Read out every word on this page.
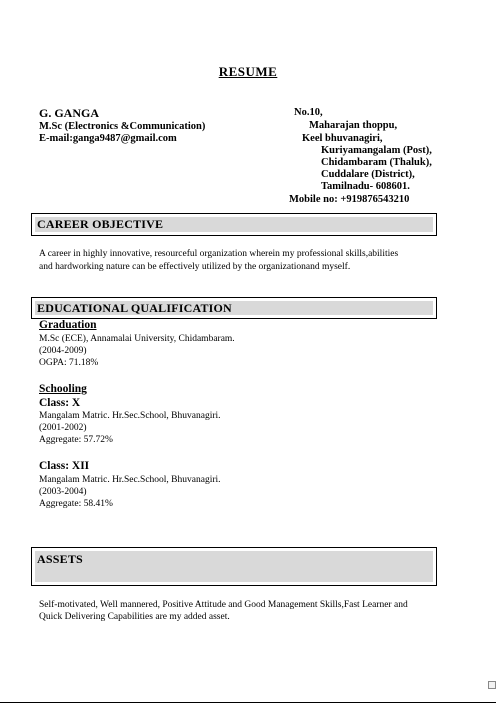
RESUME
G. GANGA
M.Sc (Electronics &Communication)
E-mail:ganga9487@gmail.com
No.10,
Maharajan thoppu,
Keel bhuvanagiri,
Kuriyamangalam (Post),
Chidambaram (Thaluk),
Cuddalare (District),
Tamilnadu- 608601.
Mobile no: +919876543210
CAREER OBJECTIVE
A career in highly innovative, resourceful organization wherein my professional skills,abilities
and hardworking nature can be effectively utilized by the organizationand myself.
EDUCATIONAL QUALIFICATION
Graduation
M.Sc (ECE), Annamalai University, Chidambaram.
(2004-2009)
OGPA: 71.18%
Schooling
Class: X
Mangalam Matric. Hr.Sec.School, Bhuvanagiri.
(2001-2002)
Aggregate: 57.72%
Class: XII
Mangalam Matric. Hr.Sec.School, Bhuvanagiri.
(2003-2004)
Aggregate: 58.41%
ASSETS
Self-motivated, Well mannered, Positive Attitude and Good Management Skills,Fast Learner and
Quick Delivering Capabilities are my added asset.
